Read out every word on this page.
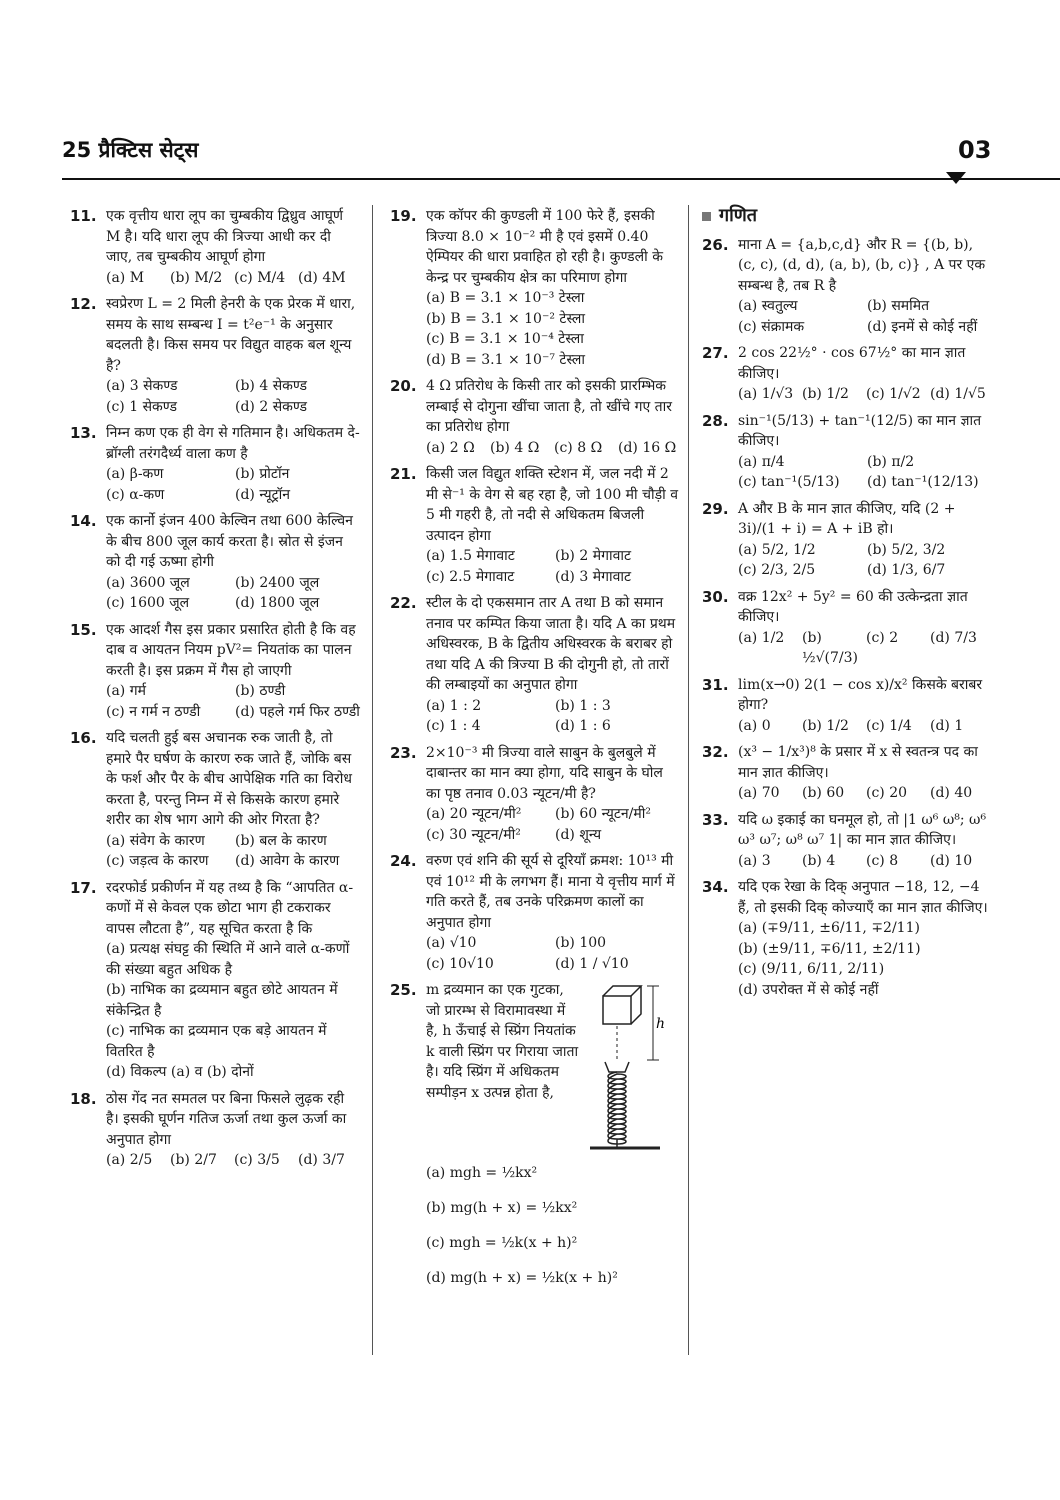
25 प्रैक्टिस सेट्स	03
11. एक वृत्तीय धारा लूप का चुम्बकीय द्विध्रुव आघूर्ण M है। यदि धारा लूप की त्रिज्या आधी कर दी जाए, तब चुम्बकीय आघूर्ण होगा
(a) M	(b) M/2 (c) M/4 (d) 4M
12. स्वप्रेरण L = 2 मिली हेनरी के एक प्रेरक में धारा, समय के साथ सम्बन्ध I = t²e⁻¹ के अनुसार बदलती है। किस समय पर विद्युत वाहक बल शून्य है?
(a) 3 सेकण्ड	(b) 4 सेकण्ड
(c) 1 सेकण्ड	(d) 2 सेकण्ड
13. निम्न कण एक ही वेग से गतिमान है। अधिकतम दे-ब्रॉग्ली तरंगदैर्ध्य वाला कण है
(a) β-कण	(b) प्रोटॉन
(c) α-कण	(d) न्यूट्रॉन
14. एक कार्नो इंजन 400 केल्विन तथा 600 केल्विन के बीच 800 जूल कार्य करता है। स्रोत से इंजन को दी गई ऊष्मा होगी
(a) 3600 जूल	(b) 2400 जूल
(c) 1600 जूल	(d) 1800 जूल
15. एक आदर्श गैस इस प्रकार प्रसारित होती है कि वह दाब व आयतन नियम pV²= नियतांक का पालन करती है। इस प्रक्रम में गैस हो जाएगी
(a) गर्म	(b) ठण्डी
(c) न गर्म न ठण्डी	(d) पहले गर्म फिर ठण्डी
16. यदि चलती हुई बस अचानक रुक जाती है, तो हमारे पैर घर्षण के कारण रुक जाते हैं, जोकि बस के फर्श और पैर के बीच आपेक्षिक गति का विरोध करता है, परन्तु निम्न में से किसके कारण हमारे शरीर का शेष भाग आगे की ओर गिरता है?
(a) संवेग के कारण	(b) बल के कारण
(c) जड़त्व के कारण	(d) आवेग के कारण
17. रदरफोर्ड प्रकीर्णन में यह तथ्य है कि “आपतित α-कणों में से केवल एक छोटा भाग ही टकराकर वापस लौटता है”, यह सूचित करता है कि
(a) प्रत्यक्ष संघट्ट की स्थिति में आने वाले α-कणों की संख्या बहुत अधिक है
(b) नाभिक का द्रव्यमान बहुत छोटे आयतन में संकेन्द्रित है
(c) नाभिक का द्रव्यमान एक बड़े आयतन में वितरित है
(d) विकल्प (a) व (b) दोनों
18. ठोस गेंद नत समतल पर बिना फिसले लुढ़क रही है। इसकी घूर्णन गतिज ऊर्जा तथा कुल ऊर्जा का अनुपात होगा
(a) 2/5	(b) 2/7	(c) 3/5	(d) 3/7
19. एक कॉपर की कुण्डली में 100 फेरे हैं, इसकी त्रिज्या 8.0 × 10⁻² मी है एवं इसमें 0.40 ऐम्पियर की धारा प्रवाहित हो रही है। कुण्डली के केन्द्र पर चुम्बकीय क्षेत्र का परिमाण होगा
(a) B = 3.1 × 10⁻³ टेस्ला
(b) B = 3.1 × 10⁻² टेस्ला
(c) B = 3.1 × 10⁻⁴ टेस्ला
(d) B = 3.1 × 10⁻⁷ टेस्ला
20. 4 Ω प्रतिरोध के किसी तार को इसकी प्रारम्भिक लम्बाई से दोगुना खींचा जाता है, तो खींचे गए तार का प्रतिरोध होगा
(a) 2 Ω	(b) 4 Ω	(c) 8 Ω	(d) 16 Ω
21. किसी जल विद्युत शक्ति स्टेशन में, जल नदी में 2 मी से⁻¹ के वेग से बह रहा है, जो 100 मी चौड़ी व 5 मी गहरी है, तो नदी से अधिकतम बिजली उत्पादन होगा
(a) 1.5 मेगावाट	(b) 2 मेगावाट
(c) 2.5 मेगावाट	(d) 3 मेगावाट
22. स्टील के दो एकसमान तार A तथा B को समान तनाव पर कम्पित किया जाता है। यदि A का प्रथम अधिस्वरक, B के द्वितीय अधिस्वरक के बराबर हो तथा यदि A की त्रिज्या B की दोगुनी हो, तो तारों की लम्बाइयों का अनुपात होगा
(a) 1 : 2	(b) 1 : 3
(c) 1 : 4	(d) 1 : 6
23. 2×10⁻³ मी त्रिज्या वाले साबुन के बुलबुले में दाबान्तर का मान क्या होगा, यदि साबुन के घोल का पृष्ठ तनाव 0.03 न्यूटन/मी है?
(a) 20 न्यूटन/मी²	(b) 60 न्यूटन/मी²
(c) 30 न्यूटन/मी²	(d) शून्य
24. वरुण एवं शनि की सूर्य से दूरियाँ क्रमश: 10¹³ मी एवं 10¹² मी के लगभग हैं। माना ये वृत्तीय मार्ग में गति करते हैं, तब उनके परिक्रमण कालों का अनुपात होगा
(a) √10	(b) 100
(c) 10√10	(d) 1 / √10
25.
h
m द्रव्यमान का एक गुटका, जो प्रारम्भ से विरामावस्था में है, h ऊँचाई से स्प्रिंग नियतांक k वाली स्प्रिंग पर गिराया जाता है। यदि स्प्रिंग में अधिकतम सम्पीड़न x उत्पन्न होता है,
(a) mgh = ½kx²
(b) mg(h + x) = ½kx²
(c) mgh = ½k(x + h)²
(d) mg(h + x) = ½k(x + h)²
गणित
26. माना A = {a,b,c,d} और R = {(b, b), (c, c), (d, d), (a, b), (b, c)} , A पर एक सम्बन्ध है, तब R है
(a) स्वतुल्य	(b) सममित
(c) संक्रामक	(d) इनमें से कोई नहीं
27. 2 cos 22½° · cos 67½° का मान ज्ञात कीजिए।
(a) 1/√3 (b) 1/2	(c) 1/√2 (d) 1/√5
28. sin⁻¹(5/13) + tan⁻¹(12/5) का मान ज्ञात कीजिए।
(a) π/4	(b) π/2
(c) tan⁻¹(5/13)	(d) tan⁻¹(12/13)
29. A और B के मान ज्ञात कीजिए, यदि (2 + 3i)/(1 + i) = A + iB हो।
(a) 5/2, 1/2	(b) 5/2, 3/2
(c) 2/3, 2/5	(d) 1/3, 6/7
30. वक्र 12x² + 5y² = 60 की उत्केन्द्रता ज्ञात कीजिए।
(a) 1/2	(b) ½√(7/3)
(c) 2	(d) 7/3
31. lim(x→0) 2(1 − cos x)/x² किसके बराबर होगा?
(a) 0	(b) 1/2	(c) 1/4	(d) 1
32. (x³ − 1/x³)⁸ के प्रसार में x से स्वतन्त्र पद का मान ज्ञात कीजिए।
(a) 70	(b) 60	(c) 20	(d) 40
33. यदि ω इकाई का घनमूल हो, तो |1 ω⁶ ω⁸; ω⁶ ω³ ω⁷; ω⁸ ω⁷ 1| का मान ज्ञात कीजिए।
(a) 3	(b) 4	(c) 8	(d) 10
34. यदि एक रेखा के दिक् अनुपात −18, 12, −4 हैं, तो इसकी दिक् कोज्याएँ का मान ज्ञात कीजिए।
(a) (∓9/11, ±6/11, ∓2/11)
(b) (±9/11, ∓6/11, ±2/11)
(c) (9/11, 6/11, 2/11)
(d) उपरोक्त में से कोई नहीं
